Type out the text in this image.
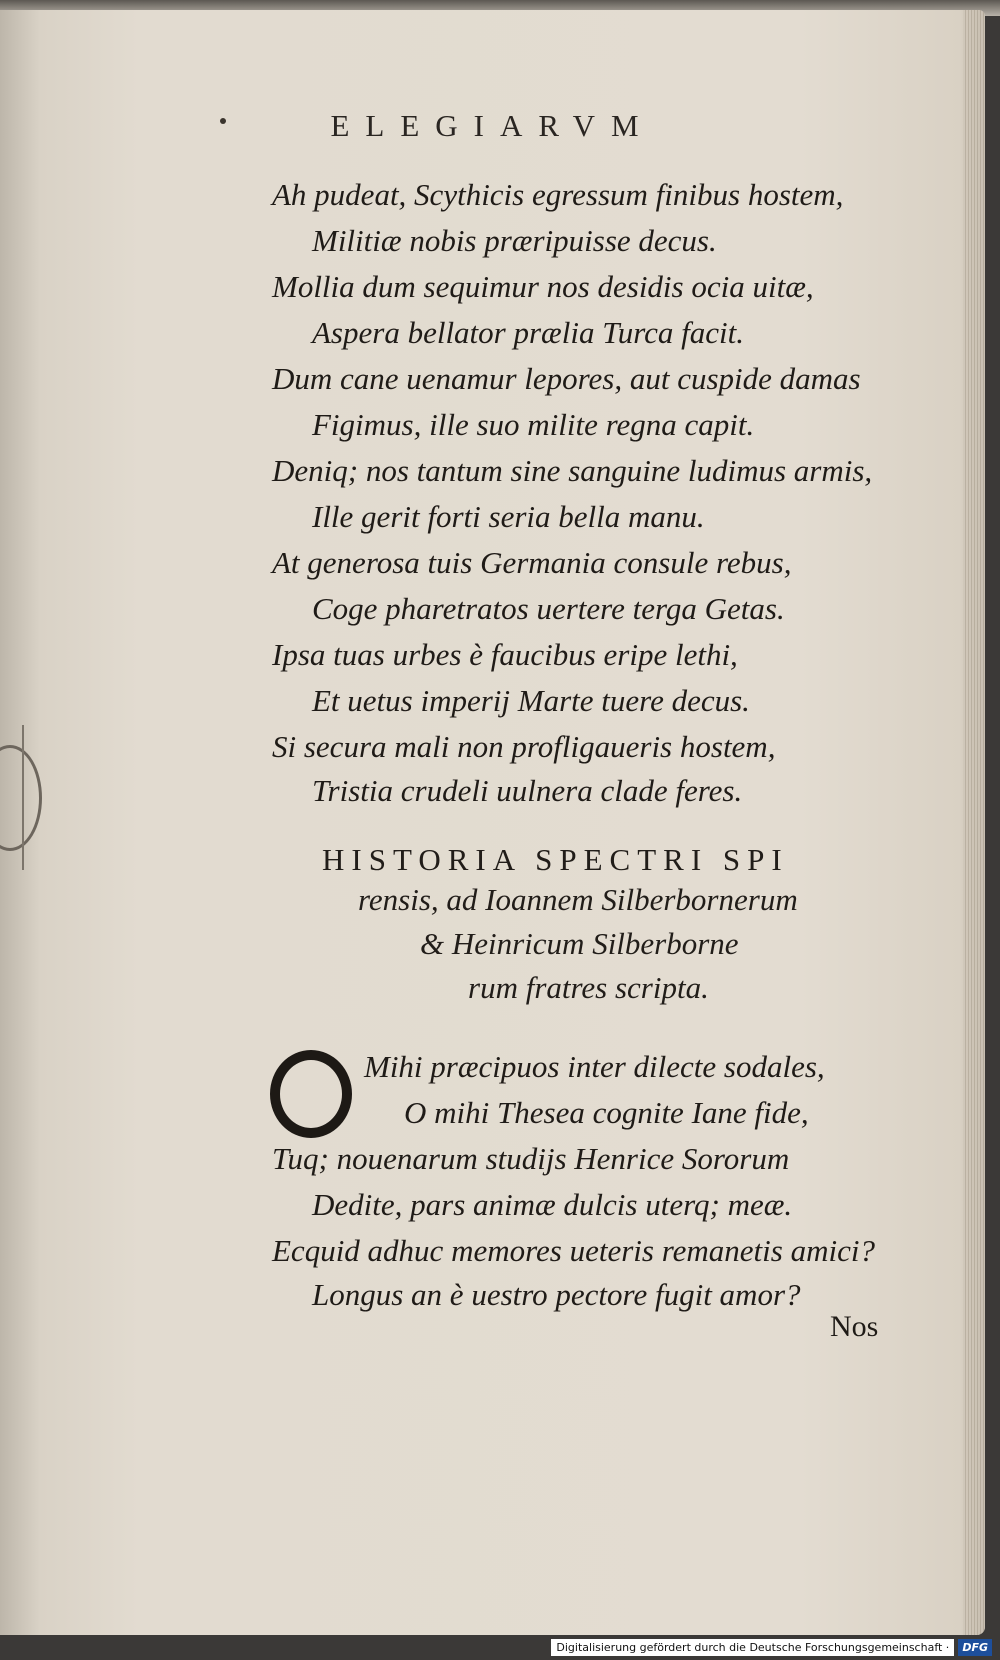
ELEGIARVM
Ah pudeat, Scythicis egressum finibus hostem,
Militiæ nobis præripuisse decus.
Mollia dum sequimur nos desidis ocia uitæ,
Aspera bellator prælia Turca facit.
Dum cane uenamur lepores, aut cuspide damas
Figimus, ille suo milite regna capit.
Deniq; nos tantum sine sanguine ludimus armis,
Ille gerit forti seria bella manu.
At generosa tuis Germania consule rebus,
Coge pharetratos uertere terga Getas.
Ipsa tuas urbes è faucibus eripe lethi,
Et uetus imperij Marte tuere decus.
Si secura mali non profligaueris hostem,
Tristia crudeli uulnera clade feres.
HISTORIA SPECTRI SPI
rensis, ad Ioannem Silberbornerum
& Heinricum Silberborne
rum fratres scripta.
Mihi præcipuos inter dilecte sodales,
O mihi Thesea cognite Iane fide,
Tuq; nouenarum studijs Henrice Sororum
Dedite, pars animæ dulcis uterq; meæ.
Ecquid adhuc memores ueteris remanetis amici?
Longus an è uestro pectore fugit amor?
Nos
Digitalisierung gefördert durch die Deutsche Forschungsgemeinschaft ·	DFG
